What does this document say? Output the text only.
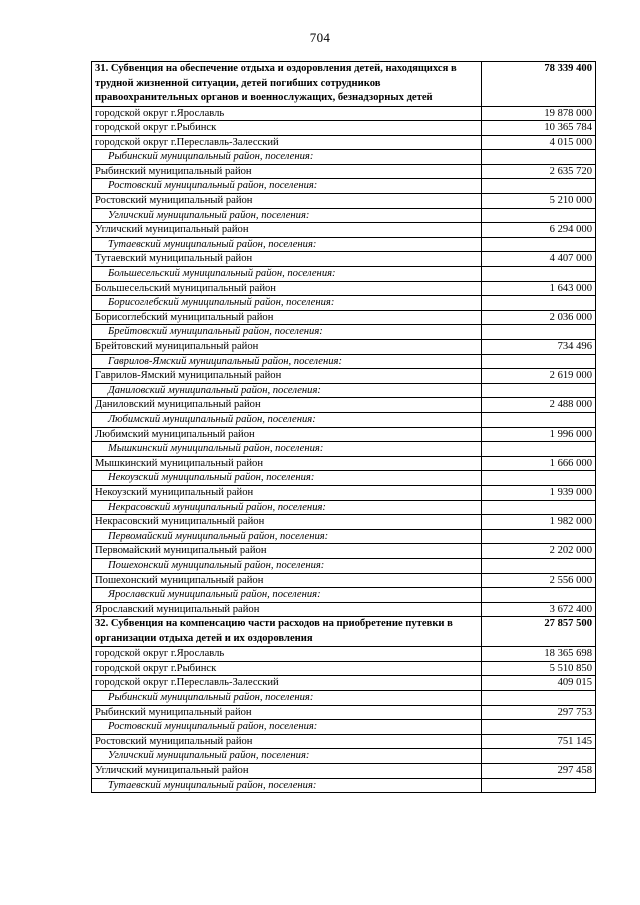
704
31. Субвенция на обеспечение отдыха и оздоровления детей, находящихся в трудной жизненной ситуации, детей погибших сотрудников правоохранительных органов и военнослужащих, безнадзорных детей	78 339 400
городской округ г.Ярославль	19 878 000
городской округ г.Рыбинск	10 365 784
городской округ г.Переславль-Залесский	4 015 000
Рыбинский муниципальный район, поселения:	
Рыбинский муниципальный район	2 635 720
Ростовский муниципальный район, поселения:	
Ростовский муниципальный район	5 210 000
Угличский муниципальный район, поселения:	
Угличский муниципальный район	6 294 000
Тутаевский муниципальный район, поселения:	
Тутаевский муниципальный район	4 407 000
Большесельский муниципальный район, поселения:	
Большесельский муниципальный район	1 643 000
Борисоглебский муниципальный район, поселения:	
Борисоглебский муниципальный район	2 036 000
Брейтовский муниципальный район, поселения:	
Брейтовский муниципальный район	734 496
Гаврилов-Ямский муниципальный район, поселения:	
Гаврилов-Ямский муниципальный район	2 619 000
Даниловский муниципальный район, поселения:	
Даниловский муниципальный район	2 488 000
Любимский муниципальный район, поселения:	
Любимский муниципальный район	1 996 000
Мышкинский муниципальный район, поселения:	
Мышкинский муниципальный район	1 666 000
Некоузский муниципальный район, поселения:	
Некоузский муниципальный район	1 939 000
Некрасовский муниципальный район, поселения:	
Некрасовский муниципальный район	1 982 000
Первомайский муниципальный район, поселения:	
Первомайский муниципальный район	2 202 000
Пошехонский муниципальный район, поселения:	
Пошехонский муниципальный район	2 556 000
Ярославский муниципальный район, поселения:	
Ярославский муниципальный район	3 672 400
32. Субвенция на компенсацию части расходов на приобретение путевки в организации отдыха детей и их оздоровления	27 857 500
городской округ г.Ярославль	18 365 698
городской округ г.Рыбинск	5 510 850
городской округ г.Переславль-Залесский	409 015
Рыбинский муниципальный район, поселения:	
Рыбинский муниципальный район	297 753
Ростовский муниципальный район, поселения:	
Ростовский муниципальный район	751 145
Угличский муниципальный район, поселения:	
Угличский муниципальный район	297 458
Тутаевский муниципальный район, поселения:	
